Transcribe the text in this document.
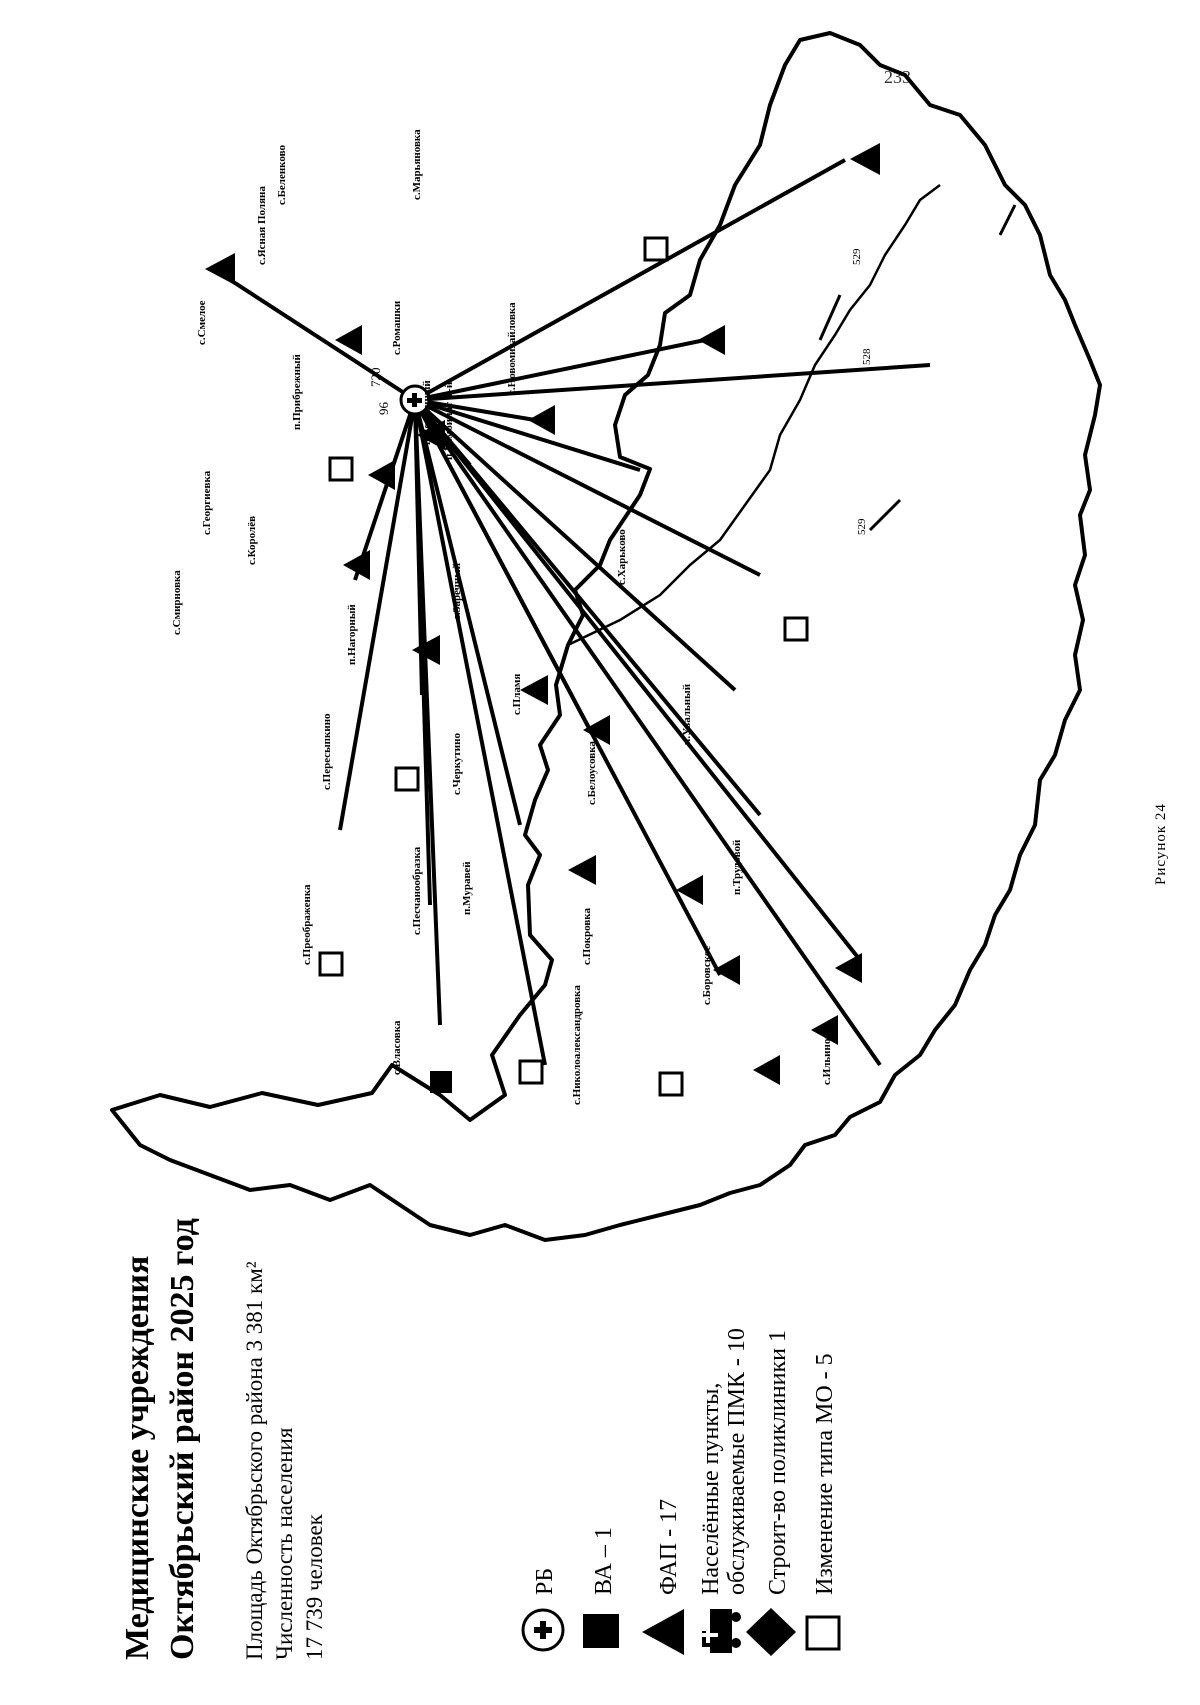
233
Медицинские учреждения Октябрьский район 2025 год Площадь Октябрьского района 3 381 км² Численность населения 17 739 человек	РБ ВА – 1 ФАП - 17 Населённые пункты, обслуживаемые ПМК - 10 Строит-во поликлиники 1 Изменение типа МО - 5
720
96
529
528
529
с.Смелое
п.Прибрежный
с.Ромашки
с.Марьяновка
с.Ясная Поляна
с.Беленково
п.Восточный п.Комбинат Т-й
с.Новомихайловка
с.Георгиевка
с.Смирновка
с.Королёв
п.Нагорный
с.Заречный
с.Харьково
п.Увальный
с.Пламя
с.Пересыпкино	с.Черкутино	с.Белоусовка
с.Преображенка	с.Песчанообразка	п.Муравей
с.Покровка
п.Трудовой
с.Боровское
с.Власовка	с.Николоалександровка	с.Ильиновка
Рисунок 24
